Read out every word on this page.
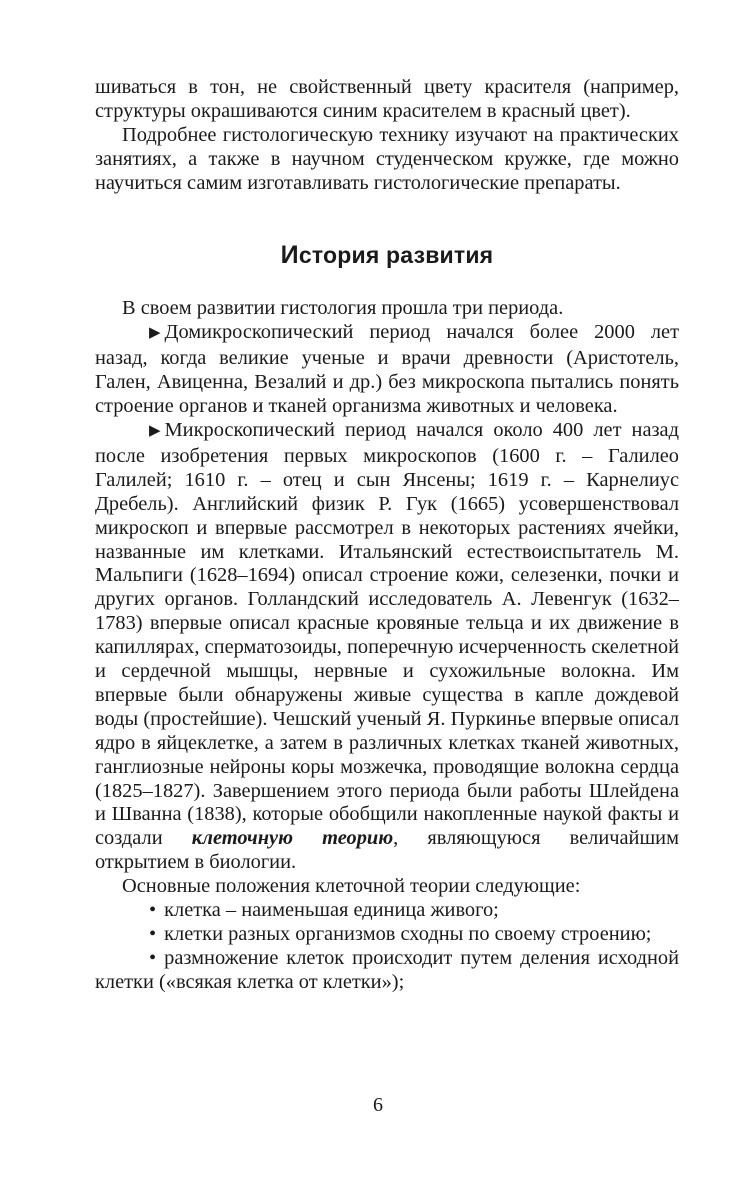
шиваться в тон, не свойственный цвету красителя (например, структуры окрашиваются синим красителем в красный цвет).

Подробнее гистологическую технику изучают на практических занятиях, а также в научном студенческом кружке, где можно научиться самим изготавливать гистологические препараты.

История развития

В своем развитии гистология прошла три периода.

▶ Домикроскопический период начался более 2000 лет назад, когда великие ученые и врачи древности (Аристотель, Гален, Авиценна, Везалий и др.) без микроскопа пытались понять строение органов и тканей организма животных и человека.

▶ Микроскопический период начался около 400 лет назад после изобретения первых микроскопов (1600 г. – Галилео Галилей; 1610 г. – отец и сын Янсены; 1619 г. – Карнелиус Дребель). Английский физик Р. Гук (1665) усовершенствовал микроскоп и впервые рассмотрел в некоторых растениях ячейки, названные им клетками. Итальянский естествоиспытатель М. Мальпиги (1628–1694) описал строение кожи, селезенки, почки и других органов. Голландский исследователь А. Левенгук (1632–1783) впервые описал красные кровяные тельца и их движение в капиллярах, сперматозоиды, поперечную исчерченность скелетной и сердечной мышцы, нервные и сухожильные волокна. Им впервые были обнаружены живые существа в капле дождевой воды (простейшие). Чешский ученый Я. Пуркинье впервые описал ядро в яйцеклетке, а затем в различных клетках тканей животных, ганглиозные нейроны коры мозжечка, проводящие волокна сердца (1825–1827). Завершением этого периода были работы Шлейдена и Шванна (1838), которые обобщили накопленные наукой факты и создали клеточную теорию, являющуюся величайшим открытием в биологии.

Основные положения клеточной теории следующие:

• клетка – наименьшая единица живого;

• клетки разных организмов сходны по своему строению;

• размножение клеток происходит путем деления исходной клетки («всякая клетка от клетки»);

6
